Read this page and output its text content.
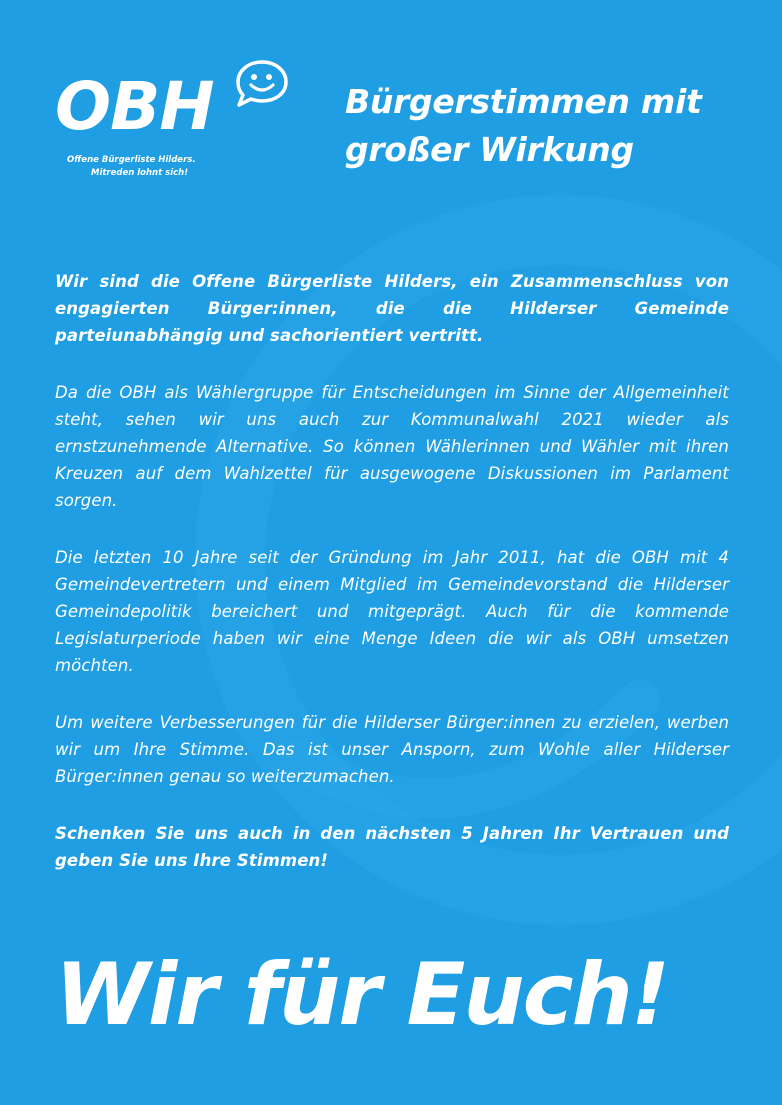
OBH
Offene Bürgerliste Hilders.
Mitreden lohnt sich!
Bürgerstimmen mit
großer Wirkung

Wir sind die Offene Bürgerliste Hilders, ein Zusammenschluss von engagierten Bürger:innen, die die Hilderser Gemeinde parteiunabhängig und sachorientiert vertritt.

Da die OBH als Wählergruppe für Entscheidungen im Sinne der Allgemeinheit steht, sehen wir uns auch zur Kommunalwahl 2021 wieder als ernstzunehmende Alternative. So können Wählerinnen und Wähler mit ihren Kreuzen auf dem Wahlzettel für ausgewogene Diskussionen im Parlament sorgen.

Die letzten 10 Jahre seit der Gründung im Jahr 2011, hat die OBH mit 4 Gemeindevertretern und einem Mitglied im Gemeindevorstand die Hilderser Gemeindepolitik bereichert und mitgeprägt. Auch für die kommende Legislaturperiode haben wir eine Menge Ideen die wir als OBH umsetzen möchten.

Um weitere Verbesserungen für die Hilderser Bürger:innen zu erzielen, werben wir um Ihre Stimme. Das ist unser Ansporn, zum Wohle aller Hilderser Bürger:innen genau so weiterzumachen.

Schenken Sie uns auch in den nächsten 5 Jahren Ihr Vertrauen und geben Sie uns Ihre Stimmen!

Wir für Euch!
